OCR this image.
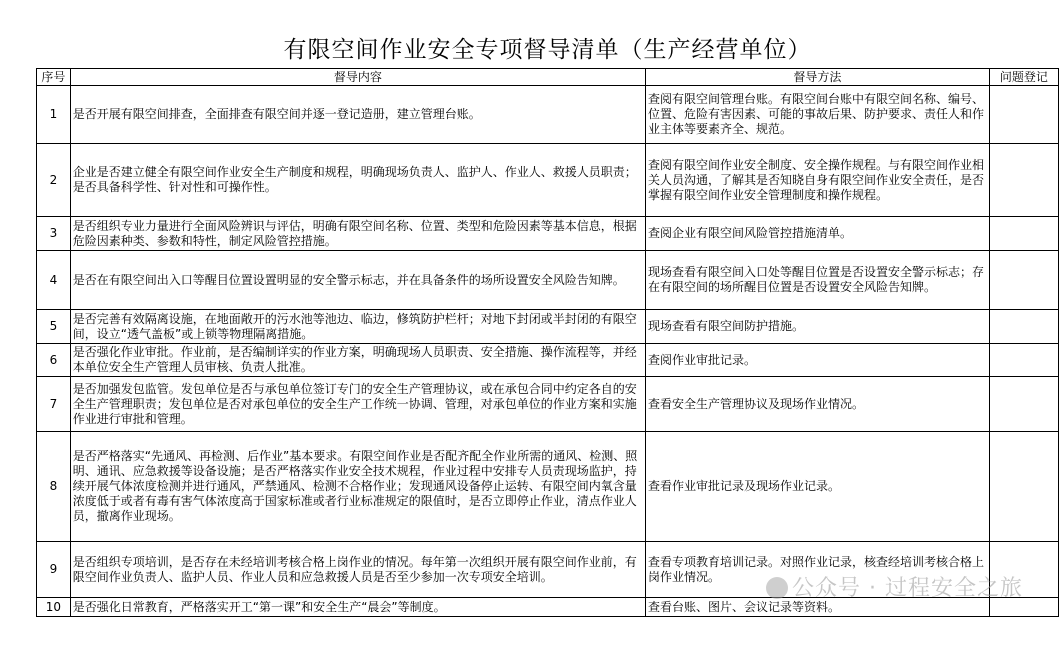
有限空间作业安全专项督导清单（生产经营单位）
序号	督导内容	督导方法	问题登记
1	是否开展有限空间排查，全面排查有限空间并逐一登记造册，建立管理台账。	查阅有限空间管理台账。有限空间台账中有限空间名称、编号、位置、危险有害因素、可能的事故后果、防护要求、责任人和作业主体等要素齐全、规范。	
2	企业是否建立健全有限空间作业安全生产制度和规程，明确现场负责人、监护人、作业人、救援人员职责；是否具备科学性、针对性和可操作性。	查阅有限空间作业安全制度、安全操作规程。与有限空间作业相关人员沟通，了解其是否知晓自身有限空间作业安全责任，是否掌握有限空间作业安全管理制度和操作规程。	
3	是否组织专业力量进行全面风险辨识与评估，明确有限空间名称、位置、类型和危险因素等基本信息，根据危险因素种类、参数和特性，制定风险管控措施。	查阅企业有限空间风险管控措施清单。	
4	是否在有限空间出入口等醒目位置设置明显的安全警示标志，并在具备条件的场所设置安全风险告知牌。	现场查看有限空间入口处等醒目位置是否设置安全警示标志；存在有限空间的场所醒目位置是否设置安全风险告知牌。	
5	是否完善有效隔离设施，在地面敞开的污水池等池边、临边，修筑防护栏杆；对地下封闭或半封闭的有限空间，设立“透气盖板”或上锁等物理隔离措施。	现场查看有限空间防护措施。	
6	是否强化作业审批。作业前，是否编制详实的作业方案，明确现场人员职责、安全措施、操作流程等，并经本单位安全生产管理人员审核、负责人批准。	查阅作业审批记录。	
7	是否加强发包监管。发包单位是否与承包单位签订专门的安全生产管理协议，或在承包合同中约定各自的安全生产管理职责；发包单位是否对承包单位的安全生产工作统一协调、管理，对承包单位的作业方案和实施作业进行审批和管理。	查看安全生产管理协议及现场作业情况。	
8	是否严格落实“先通风、再检测、后作业”基本要求。有限空间作业是否配齐配全作业所需的通风、检测、照明、通讯、应急救援等设备设施；是否严格落实作业安全技术规程，作业过程中安排专人员责现场监护，持续开展气体浓度检测并进行通风，严禁通风、检测不合格作业；发现通风设备停止运转、有限空间内氧含量浓度低于或者有毒有害气体浓度高于国家标准或者行业标准规定的限值时，是否立即停止作业，清点作业人员，撤离作业现场。	查看作业审批记录及现场作业记录。	
9	是否组织专项培训，是否存在未经培训考核合格上岗作业的情况。每年第一次组织开展有限空间作业前，有限空间作业负责人、监护人员、作业人员和应急救援人员是否至少参加一次专项安全培训。	查看专项教育培训记录。对照作业记录，核查经培训考核合格上岗作业情况。	
10	是否强化日常教育，严格落实开工“第一课”和安全生产“晨会”等制度。	查看台账、图片、会议记录等资料。	
公众号 · 过程安全之旅
